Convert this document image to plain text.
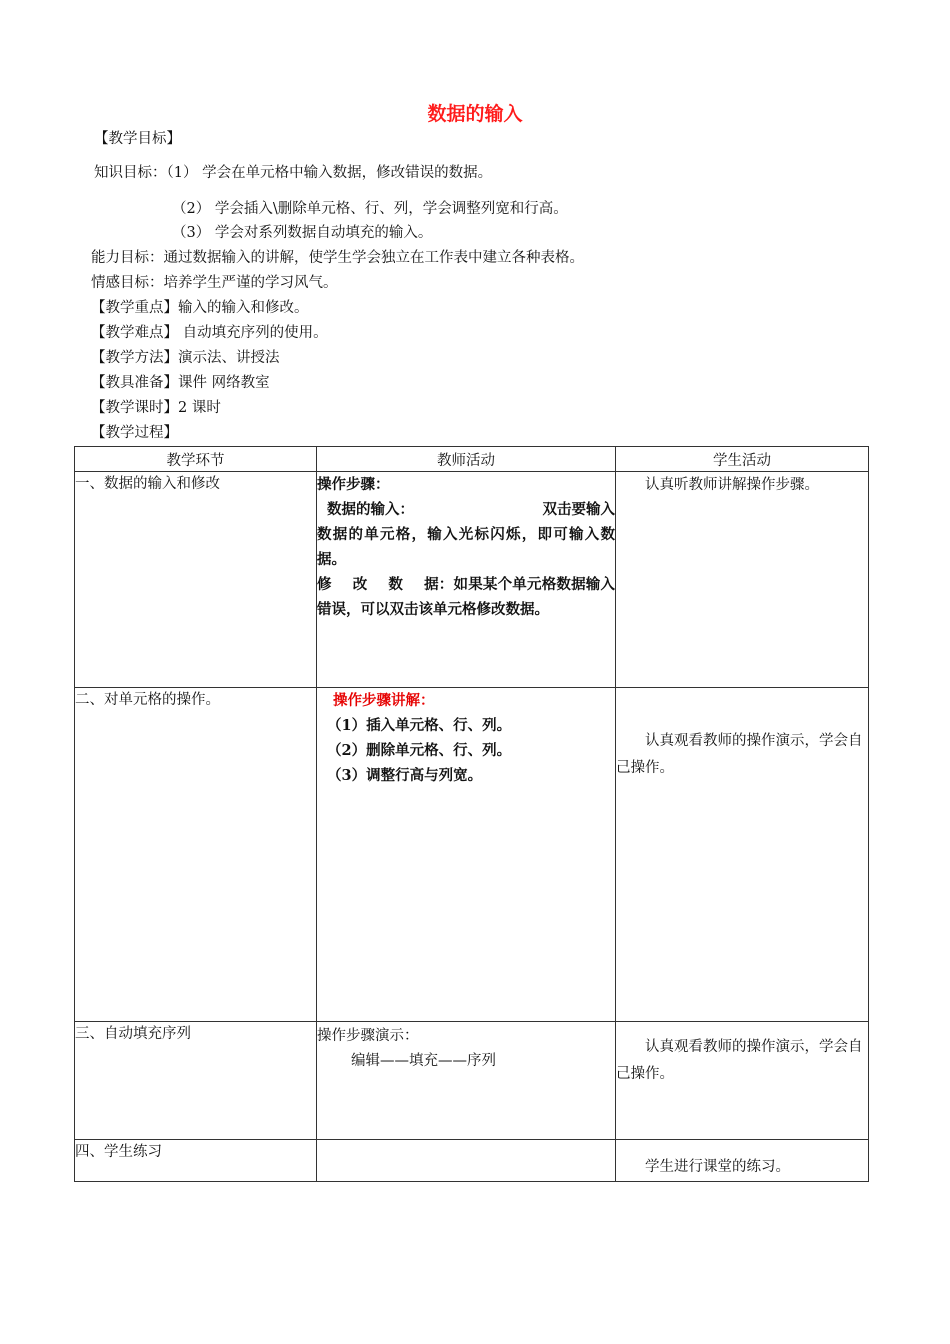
数据的输入
【教学目标】
知识目标：（1） 学会在单元格中输入数据，修改错误的数据。
（2） 学会插入\删除单元格、行、列，学会调整列宽和行高。
（3） 学会对系列数据自动填充的输入。
能力目标：通过数据输入的讲解，使学生学会独立在工作表中建立各种表格。
情感目标：培养学生严谨的学习风气。
【教学重点】输入的输入和修改。
【教学难点】 自动填充序列的使用。
【教学方法】演示法、讲授法
【教具准备】课件 网络教室
【教学课时】2 课时
【教学过程】
教学环节	教师活动	学生活动
一、数据的输入和修改	操作步骤：
数据的输入： 双击要输入
数据的单元格，输入光标闪烁，即可输入数据。
修    改    数    据：如果某个单元格数据输入错误，可以双击该单元格修改数据。	认真听教师讲解操作步骤。
二、对单元格的操作。	操作步骤讲解：
（1）插入单元格、行、列。
（2）删除单元格、行、列。
（3）调整行高与列宽。	认真观看教师的操作演示，学会自己操作。
三、自动填充序列	操作步骤演示：
编辑——填充——序列	认真观看教师的操作演示，学会自己操作。
四、学生练习		学生进行课堂的练习。
